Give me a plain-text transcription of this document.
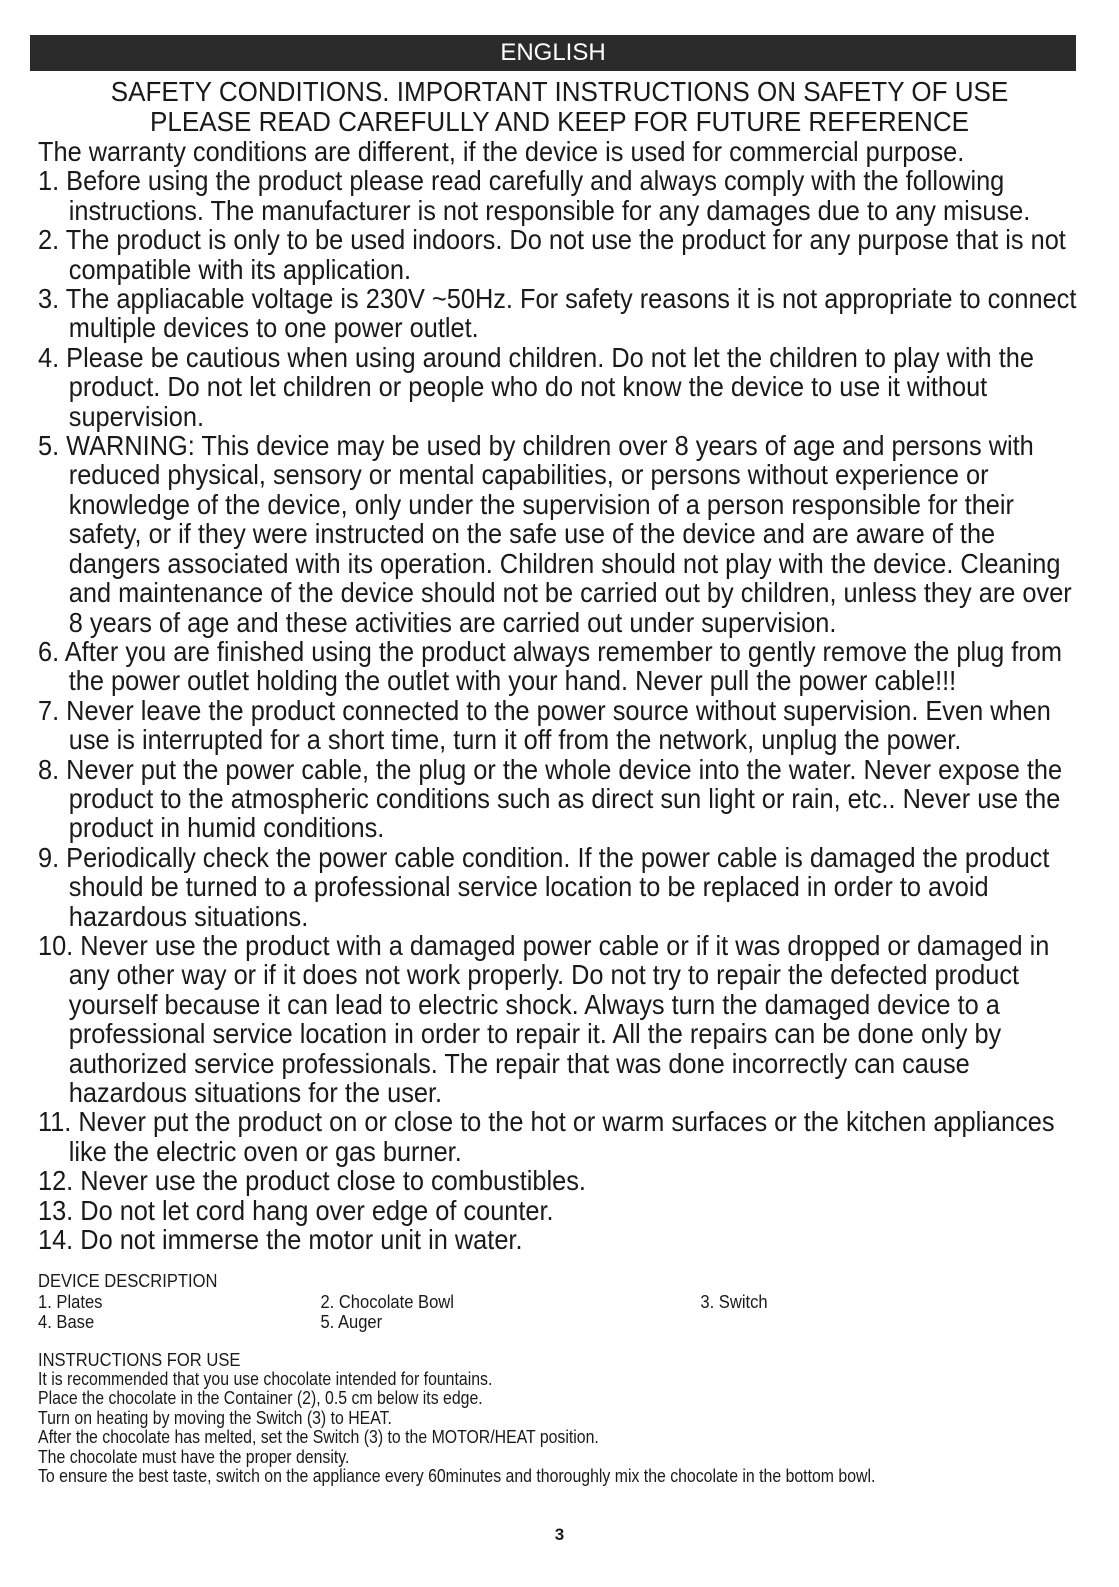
ENGLISH
SAFETY CONDITIONS. IMPORTANT INSTRUCTIONS ON SAFETY OF USE
PLEASE READ CAREFULLY AND KEEP FOR FUTURE REFERENCE

The warranty conditions are different, if the device is used for commercial purpose.

1. Before using the product please read carefully and always comply with the following instructions. The manufacturer is not responsible for any damages due to any misuse.

2. The product is only to be used indoors. Do not use the product for any purpose that is not compatible with its application.

3. The appliacable voltage is 230V ~50Hz. For safety reasons it is not appropriate to connect multiple devices to one power outlet.

4. Please be cautious when using around children. Do not let the children to play with the product. Do not let children or people who do not know the device to use it without supervision.

5. WARNING: This device may be used by children over 8 years of age and persons with reduced physical, sensory or mental capabilities, or persons without experience or knowledge of the device, only under the supervision of a person responsible for their safety, or if they were instructed on the safe use of the device and are aware of the dangers associated with its operation. Children should not play with the device. Cleaning and maintenance of the device should not be carried out by children, unless they are over 8 years of age and these activities are carried out under supervision.

6. After you are finished using the product always remember to gently remove the plug from the power outlet holding the outlet with your hand. Never pull the power cable!!!

7. Never leave the product connected to the power source without supervision. Even when use is interrupted for a short time, turn it off from the network, unplug the power.

8. Never put the power cable, the plug or the whole device into the water. Never expose the product to the atmospheric conditions such as direct sun light or rain, etc.. Never use the product in humid conditions.

9. Periodically check the power cable condition. If the power cable is damaged the product should be turned to a professional service location to be replaced in order to avoid hazardous situations.

10. Never use the product with a damaged power cable or if it was dropped or damaged in any other way or if it does not work properly. Do not try to repair the defected product yourself because it can lead to electric shock. Always turn the damaged device to a professional service location in order to repair it. All the repairs can be done only by authorized service professionals. The repair that was done incorrectly can cause hazardous situations for the user.

11. Never put the product on or close to the hot or warm surfaces or the kitchen appliances like the electric oven or gas burner.

12. Never use the product close to combustibles.

13. Do not let cord hang over edge of counter.

14. Do not immerse the motor unit in water.

DEVICE DESCRIPTION
1. Plates	2. Chocolate Bowl	3. Switch
4. Base	5. Auger
INSTRUCTIONS FOR USE

It is recommended that you use chocolate intended for fountains.

Place the chocolate in the Container (2), 0.5 cm below its edge.

Turn on heating by moving the Switch (3) to HEAT.

After the chocolate has melted, set the Switch (3) to the MOTOR/HEAT position.

The chocolate must have the proper density.

To ensure the best taste, switch on the appliance every 60minutes and thoroughly mix the chocolate in the bottom bowl.

3
